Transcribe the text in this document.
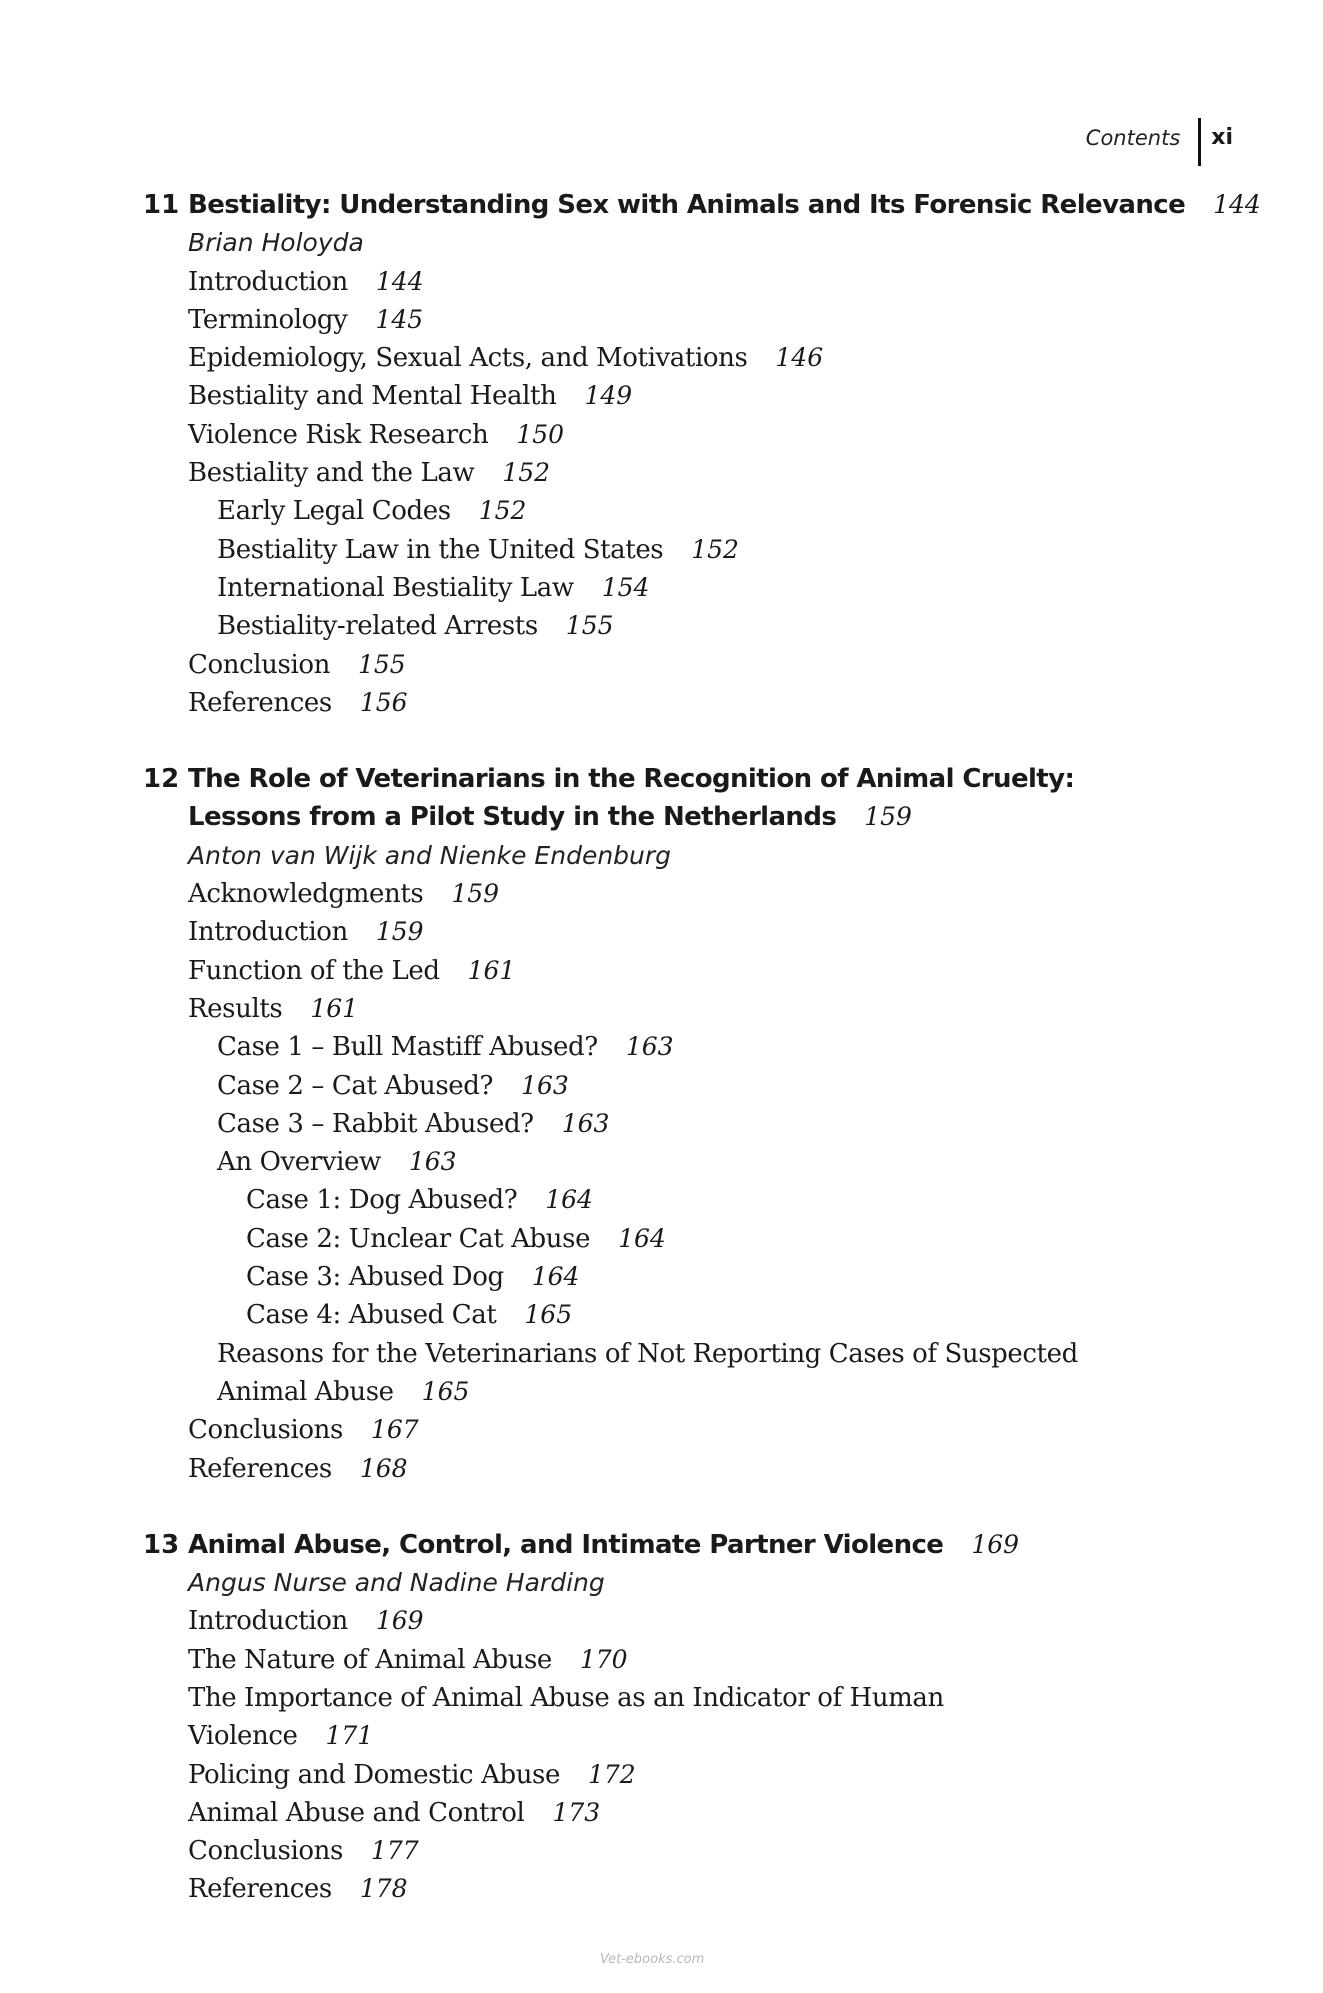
Contents	xi
11 Bestiality: Understanding Sex with Animals and Its Forensic Relevance 144
Brian Holoyda
Introduction 144
Terminology 145
Epidemiology, Sexual Acts, and Motivations 146
Bestiality and Mental Health 149
Violence Risk Research 150
Bestiality and the Law 152
Early Legal Codes 152
Bestiality Law in the United States 152
International Bestiality Law 154
Bestiality-related Arrests 155
Conclusion 155
References 156
12 The Role of Veterinarians in the Recognition of Animal Cruelty:
Lessons from a Pilot Study in the Netherlands 159
Anton van Wijk and Nienke Endenburg
Acknowledgments 159
Introduction 159
Function of the Led 161
Results 161
Case 1 – Bull Mastiff Abused? 163
Case 2 – Cat Abused? 163
Case 3 – Rabbit Abused? 163
An Overview 163
Case 1: Dog Abused? 164
Case 2: Unclear Cat Abuse 164
Case 3: Abused Dog 164
Case 4: Abused Cat 165
Reasons for the Veterinarians of Not Reporting Cases of Suspected
Animal Abuse 165
Conclusions 167
References 168
13 Animal Abuse, Control, and Intimate Partner Violence 169
Angus Nurse and Nadine Harding
Introduction 169
The Nature of Animal Abuse 170
The Importance of Animal Abuse as an Indicator of Human
Violence 171
Policing and Domestic Abuse 172
Animal Abuse and Control 173
Conclusions 177
References 178
Vet-ebooks.com
